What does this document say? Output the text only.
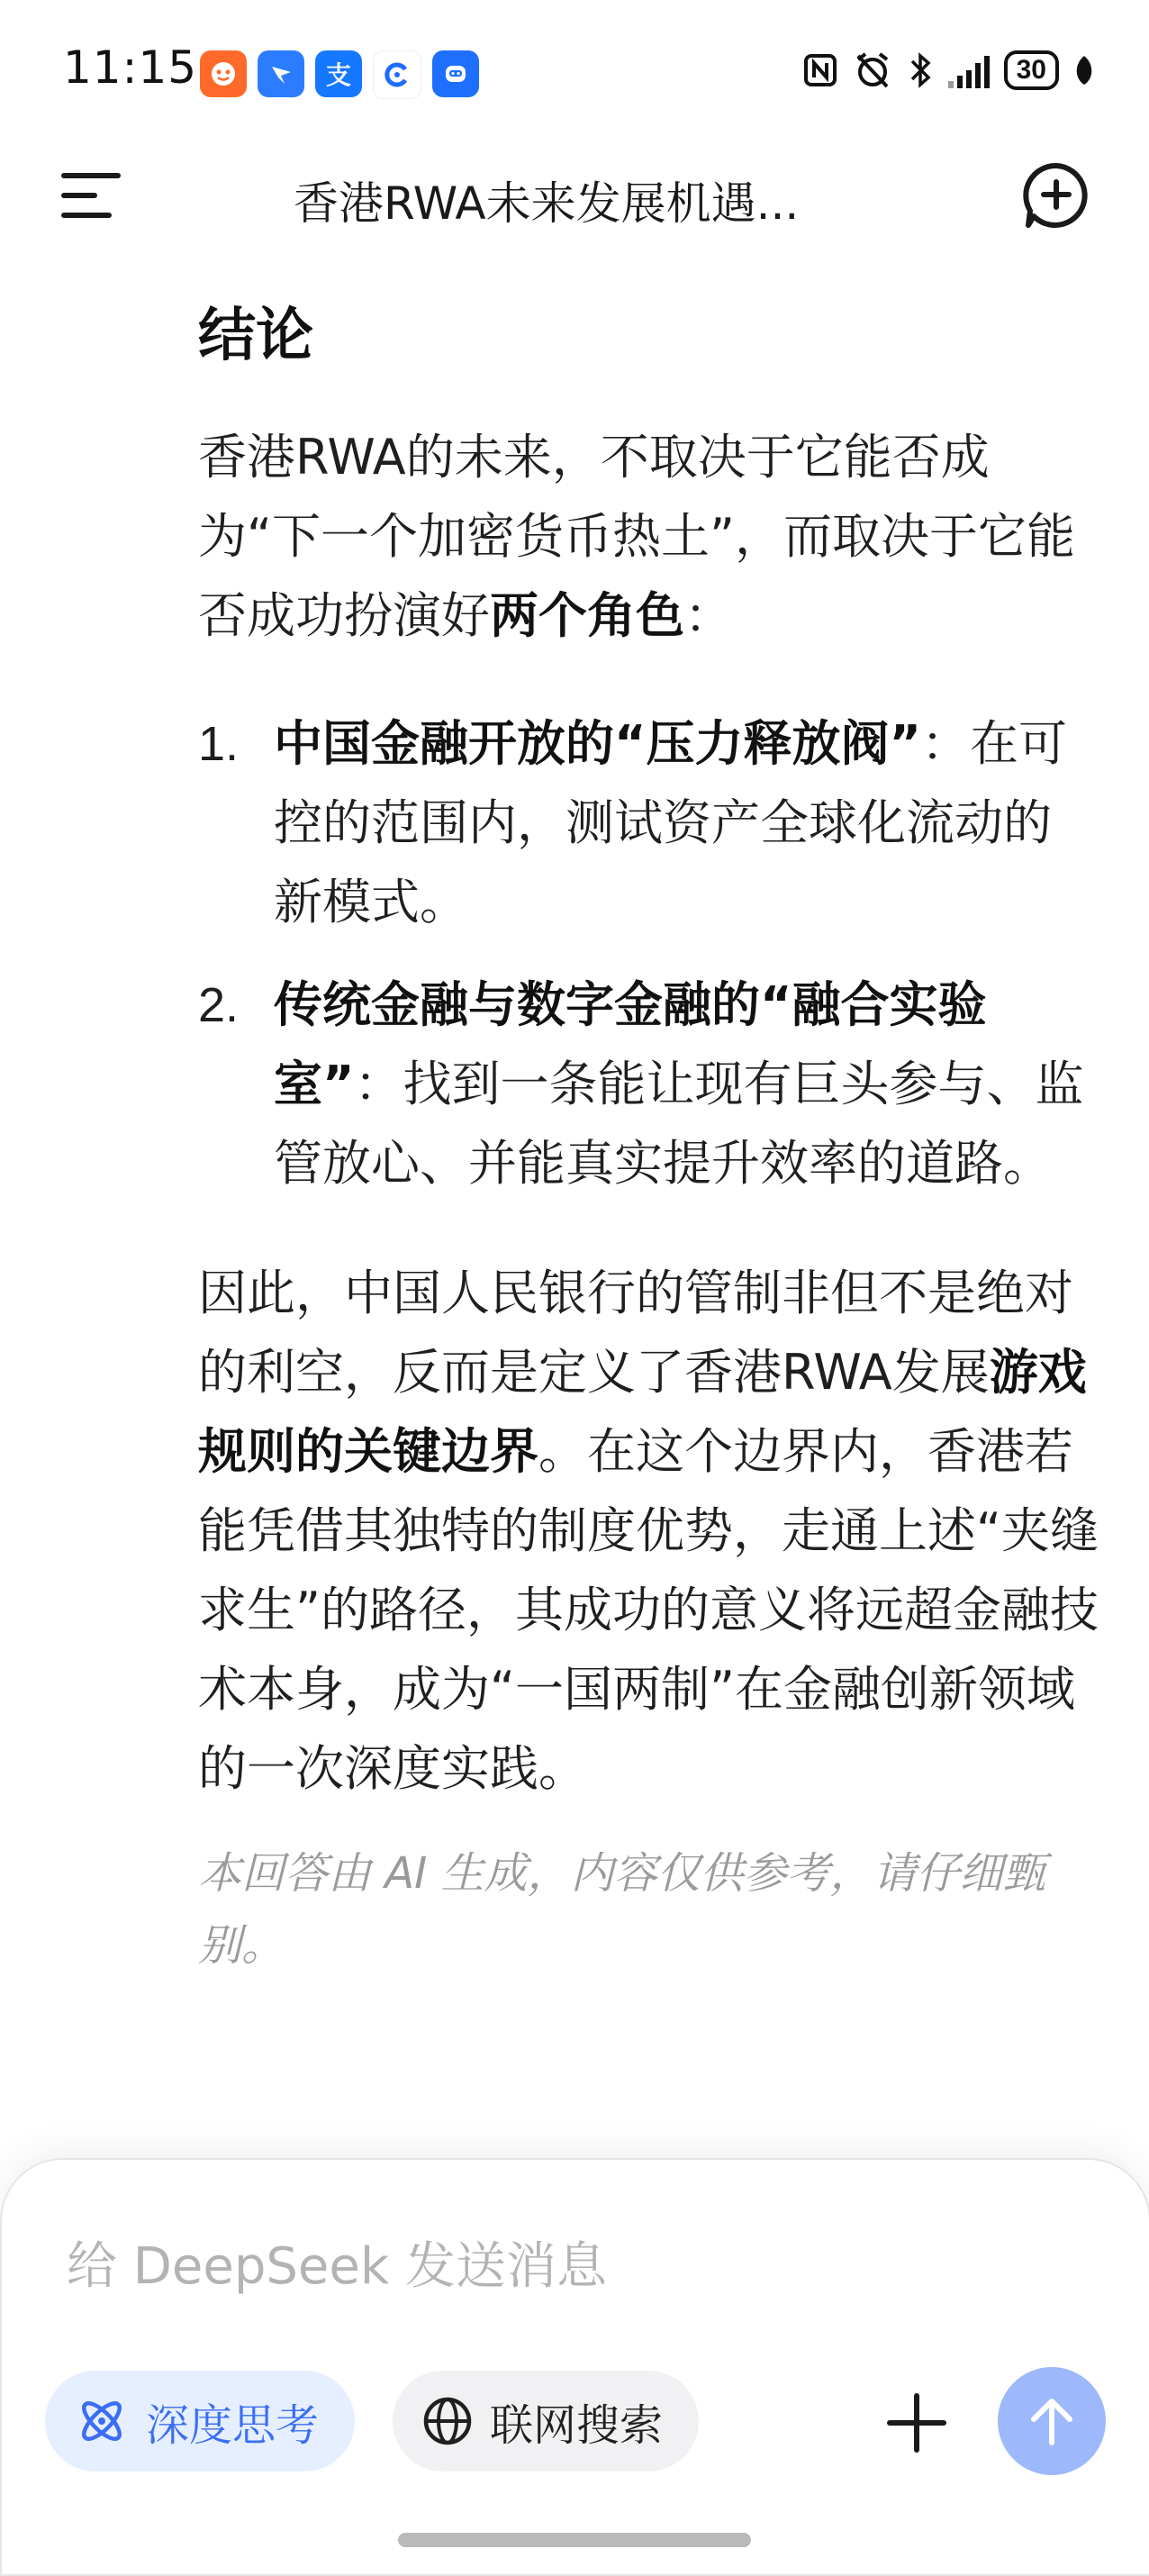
11:15	支	30
香港RWA未来发展机遇...

结论

香港RWA的未来，不取决于它能否成为“下一个加密货币热土”，而取决于它能否成功扮演好两个角色：

1. 中国金融开放的“压力释放阀”：在可控的范围内，测试资产全球化流动的新模式。
2. 传统金融与数字金融的“融合实验室”：找到一条能让现有巨头参与、监管放心、并能真实提升效率的道路。

因此，中国人民银行的管制非但不是绝对的利空，反而是定义了香港RWA发展游戏规则的关键边界。在这个边界内，香港若能凭借其独特的制度优势，走通上述“夹缝求生”的路径，其成功的意义将远超金融技术本身，成为“一国两制”在金融创新领域的一次深度实践。

本回答由 AI 生成，内容仅供参考，请仔细甄别。

给 DeepSeek 发送消息
深度思考	联网搜索
